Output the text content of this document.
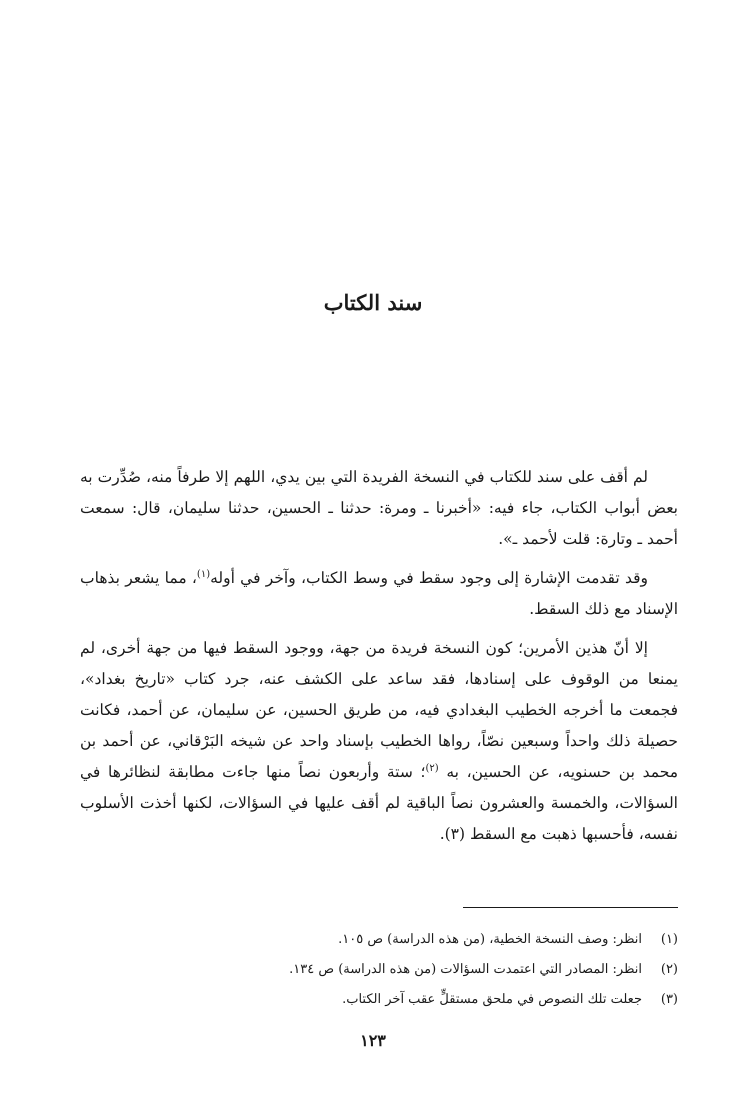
سند الكتاب

لم أقف على سند للكتاب في النسخة الفريدة التي بين يدي، اللهم إلا طرفاً منه، صُدِّرت به بعض أبواب الكتاب، جاء فيه: «أخبرنا ـ ومرة: حدثنا ـ الحسين، حدثنا سليمان، قال: سمعت أحمد ـ وتارة: قلت لأحمد ـ».

وقد تقدمت الإشارة إلى وجود سقط في وسط الكتاب، وآخر في أوله$^{(١)}$، مما يشعر بذهاب الإسناد مع ذلك السقط.

إلا أنّ هذين الأمرين؛ كون النسخة فريدة من جهة، ووجود السقط فيها من جهة أخرى، لم يمنعا من الوقوف على إسنادها، فقد ساعد على الكشف عنه، جرد كتاب «تاريخ بغداد»، فجمعت ما أخرجه الخطيب البغدادي فيه، من طريق الحسين، عن سليمان، عن أحمد، فكانت حصيلة ذلك واحداً وسبعين نصّاً، رواها الخطيب بإسناد واحد عن شيخه البَرْقاني، عن أحمد بن محمد بن حسنويه، عن الحسين، به $^{(٢)}$؛ ستة وأربعون نصاً منها جاءت مطابقة لنظائرها في السؤالات، والخمسة والعشرون نصاً الباقية لم أقف عليها في السؤالات، لكنها أخذت الأسلوب نفسه، فأحسبها ذهبت مع السقط (٣).

(١)انظر: وصف النسخة الخطية، (من هذه الدراسة) ص ١٠٥.
(٢)انظر: المصادر التي اعتمدت السؤالات (من هذه الدراسة) ص ١٣٤.
(٣)جعلت تلك النصوص في ملحق مستقلٍّ عقب آخر الكتاب.
١٢٣
